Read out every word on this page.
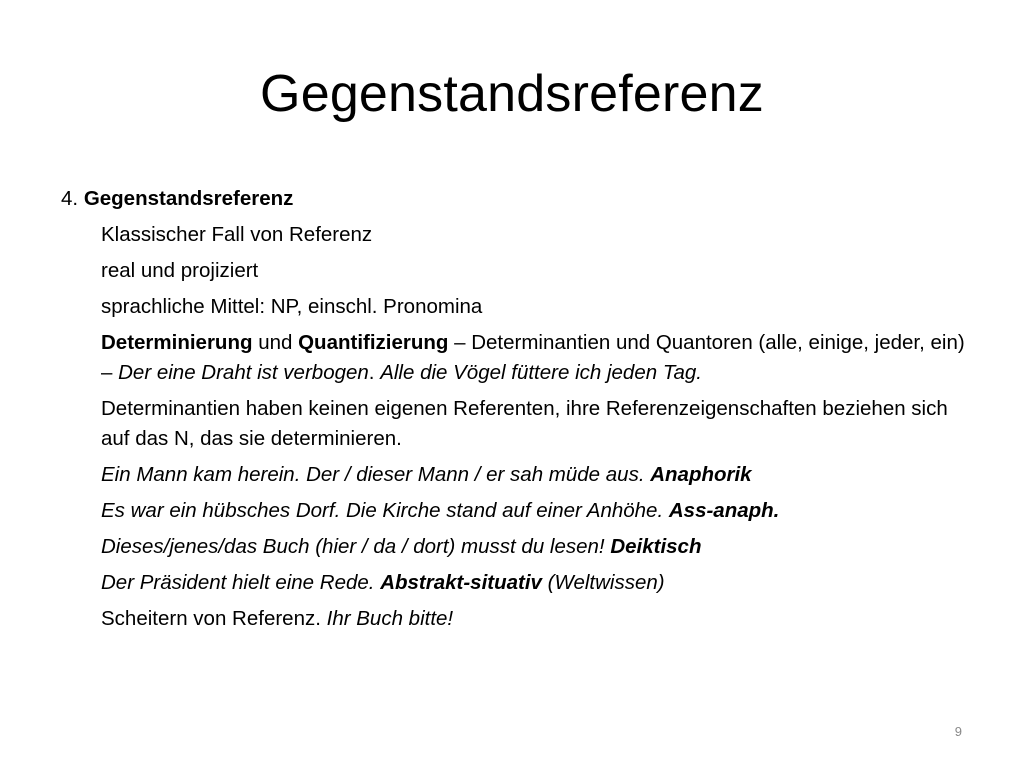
Gegenstandsreferenz
4. Gegenstandsreferenz
Klassischer Fall von Referenz
real und projiziert
sprachliche Mittel: NP, einschl. Pronomina
Determinierung und Quantifizierung – Determinantien und Quantoren (alle, einige, jeder, ein) – Der eine Draht ist verbogen. Alle die Vögel füttere ich jeden Tag.
Determinantien haben keinen eigenen Referenten, ihre Referenzeigenschaften beziehen sich auf das N, das sie determinieren.
Ein Mann kam herein. Der / dieser Mann / er sah müde aus. Anaphorik
Es war ein hübsches Dorf. Die Kirche stand auf einer Anhöhe. Ass-anaph.
Dieses/jenes/das Buch (hier / da / dort) musst du lesen! Deiktisch
Der Präsident hielt eine Rede. Abstrakt-situativ (Weltwissen)
Scheitern von Referenz. Ihr Buch bitte!
9
